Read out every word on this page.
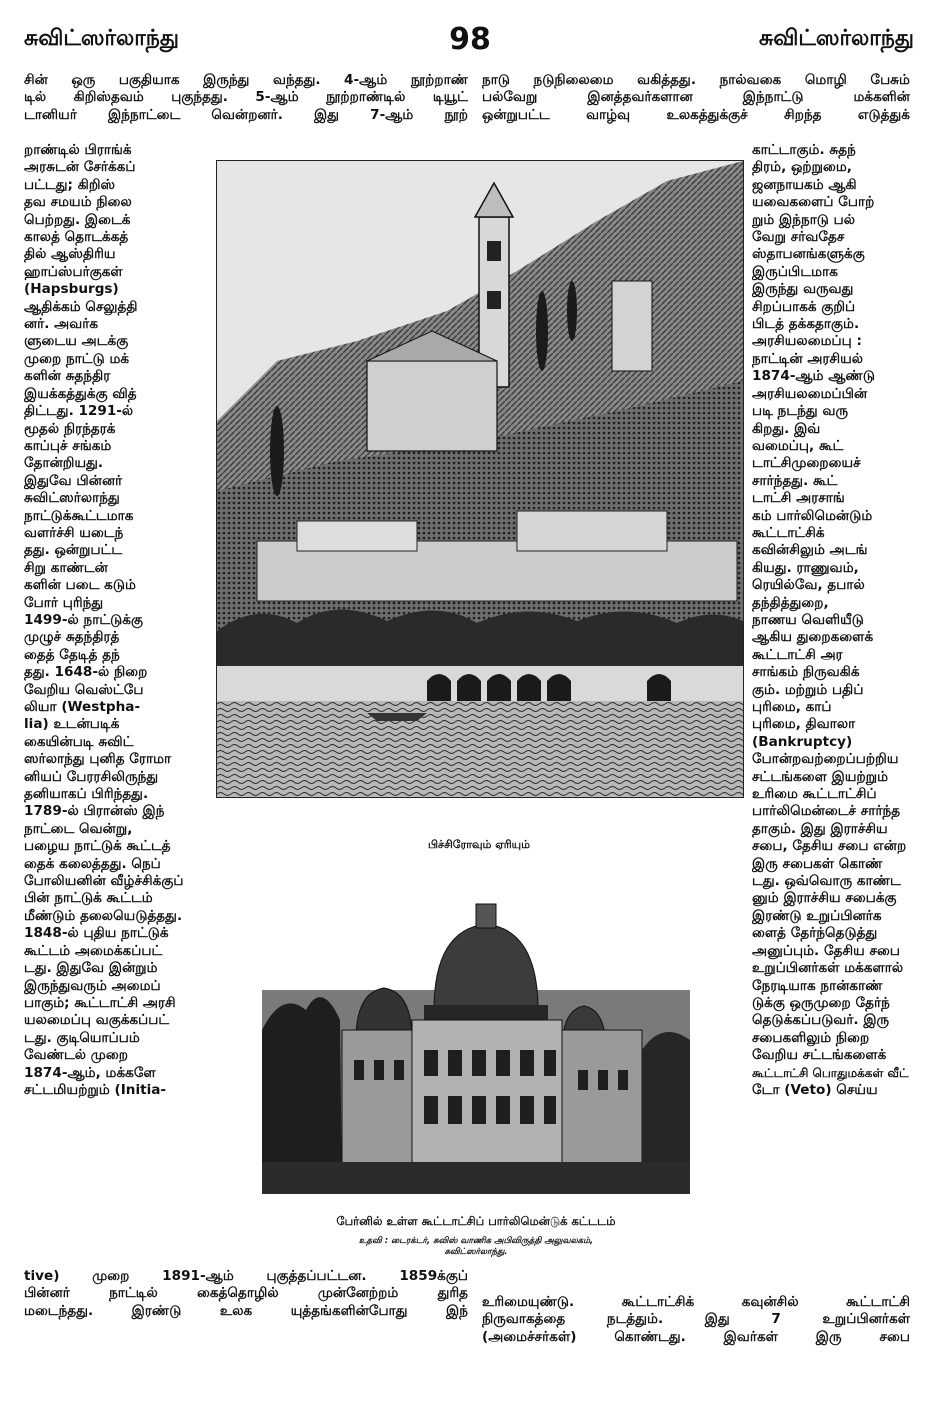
சுவிட்ஸர்லாந்து	98	சுவிட்ஸர்லாந்து
சின் ஒரு பகுதியாக இருந்து வந்தது. 4-ஆம் நூற்றாண்
டில் கிறிஸ்தவம் புகுந்தது. 5-ஆம் நூற்றாண்டில் டியூட்
டானியர் இந்நாட்டை வென்றனர். இது 7-ஆம் நூற்
றாண்டில் பிராங்க்
அரசுடன் சேர்க்கப்
பட்டது; கிறிஸ்
தவ சமயம் நிலை
பெற்றது. இடைக்
காலத் தொடக்கத்
தில் ஆஸ்திரிய
ஹாப்ஸ்பர்குகள்
(Hapsburgs)
ஆதிக்கம் செலுத்தி
னர். அவர்க
ளுடைய அடக்கு
முறை நாட்டு மக்
களின் சுதந்திர
இயக்கத்துக்கு வித்
திட்டது. 1291-ல்
மூதல் நிரந்தரக்
காப்புச் சங்கம்
தோன்றியது.
இதுவே பின்னர்
சுவிட்ஸர்லாந்து
நாட்டுக்கூட்டமாக
வளர்ச்சி யடைந்
தது. ஒன்றுபட்ட
சிறு காண்டன்
களின் படை கடும்
போர் புரிந்து
1499-ல் நாட்டுக்கு
முழுச் சுதந்திரத்
தைத் தேடித் தந்
தது. 1648-ல் நிறை
வேறிய வெஸ்ட்பே
லியா (Westpha-
lia) உடன்படிக்
கையின்படி சுவிட்
ஸர்லாந்து புனித ரோமா
னியப் பேரரசிலிருந்து
தனியாகப் பிரிந்தது.
1789-ல் பிரான்ஸ் இந்
நாட்டை வென்று,
பழைய நாட்டுக் கூட்டத்
தைக் கலைத்தது. நெப்
போலியனின் வீழ்ச்சிக்குப்
பின் நாட்டுக் கூட்டம்
மீண்டும் தலையெடுத்தது.
1848-ல் புதிய நாட்டுக்
கூட்டம் அமைக்கப்பட்
டது. இதுவே இன்றும்
இருந்துவரும் அமைப்
பாகும்; கூட்டாட்சி அரசி
யலமைப்பு வகுக்கப்பட்
டது. குடியொப்பம்
வேண்டல் முறை
1874-ஆம், மக்களே
சட்டமியற்றும் (Initia-
tive) முறை 1891-ஆம் புகுத்தப்பட்டன. 1859க்குப்
பின்னர் நாட்டில் கைத்தொழில் முன்னேற்றம் துரித
மடைந்தது. இரண்டு உலக யுத்தங்களின்போது இந்
நாடு நடுநிலைமை வகித்தது. நால்வகை மொழி பேசும்
பல்வேறு இனத்தவர்களான இந்நாட்டு மக்களின்
ஒன்றுபட்ட வாழ்வு உலகத்துக்குச் சிறந்த எடுத்துக்
காட்டாகும். சுதந்
திரம், ஒற்றுமை,
ஜனநாயகம் ஆகி
யவைகளைப் போற்
றும் இந்நாடு பல்
வேறு சர்வதேச
ஸ்தாபனங்களுக்கு
இருப்பிடமாக
இருந்து வருவது
சிறப்பாகக் குறிப்
பிடத் தக்கதாகும்.
அரசியலமைப்பு :
நாட்டின் அரசியல்
1874-ஆம் ஆண்டு
அரசியலமைப்பின்
படி நடந்து வரு
கிறது. இவ்
வமைப்பு, கூட்
டாட்சிமுறையைச்
சார்ந்தது. கூட்
டாட்சி அரசாங்
கம் பார்லிமென்டும்
கூட்டாட்சிக்
கவின்சிலும் அடங்
கியது. ராணுவம்,
ரெயில்வே, தபால்
தந்தித்துறை,
நாணய வெளியீடு
ஆகிய துறைகளைக்
கூட்டாட்சி அர
சாங்கம் நிருவகிக்
கும். மற்றும் பதிப்
புரிமை, காப்
புரிமை, திவாலா
(Bankruptcy)
போன்றவற்றைப்பற்றிய
சட்டங்களை இயற்றும்
உரிமை கூட்டாட்சிப்
பார்லிமென்டைச் சார்ந்த
தாகும். இது இராச்சிய
சபை, தேசிய சபை என்ற
இரு சபைகள் கொண்
டது. ஒவ்வொரு காண்ட
னும் இராச்சிய சபைக்கு
இரண்டு உறுப்பினர்க
ளைத் தேர்ந்தெடுத்து
அனுப்பும். தேசிய சபை
உறுப்பினர்கள் மக்களால்
நேரடியாக நான்காண்
டுக்கு ஒருமுறை தேர்ந்
தெடுக்கப்படுவர். இரு
சபைகளிலும் நிறை
வேறிய சட்டங்களைக்
கூட்டாட்சி பொதுமக்கள் வீட்
டோ (Veto) செய்ய
உரிமையுண்டு. கூட்டாட்சிக் கவுன்சில் கூட்டாட்சி
நிருவாகத்தை நடத்தும். இது 7 உறுப்பினர்கள்
(அமைச்சர்கள்) கொண்டது. இவர்கள் இரு சபை
பிச்சிரோவும் ஏரியும்
பேர்னில் உள்ள கூட்டாட்சிப் பார்லிமென்டுக் கட்டடம்
உதவி : டைரக்டர், சுவிஸ் வாணிக அபிவிருத்தி அலுவலகம்,
சுவிட்ஸர்லாந்து.
